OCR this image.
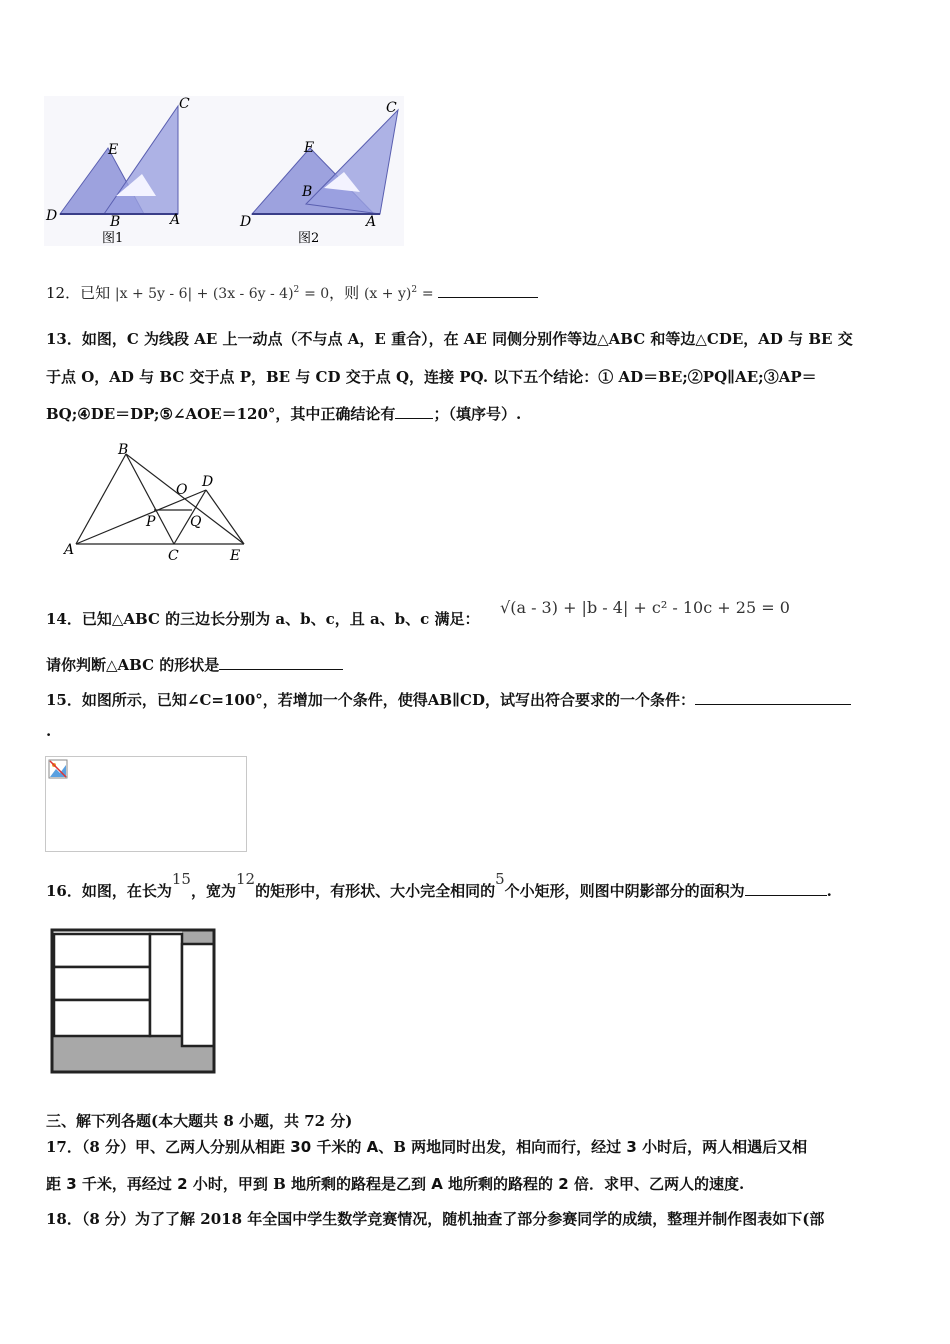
C
E
B
D	A
图1
C
E
B
D	A
图2
12．已知 |x + 5y - 6| + (3x - 6y - 4)$^2$ = 0，则 $(x + y)^2$ =
13．如图，C 为线段 AE 上一动点（不与点 A，E 重合），在 AE 同侧分别作等边△ABC 和等边△CDE，AD 与 BE 交
于点 O，AD 与 BC 交于点 P，BE 与 CD 交于点 Q，连接 PQ. 以下五个结论：① AD＝BE;②PQ∥AE;③AP＝
BQ;④DE＝DP;⑤∠AOE＝120°，其中正确结论有	；（填序号）.
B
O D
P Q
A	C	E
14．已知△ABC 的三边长分别为 a、b、c，且 a、b、c 满足：
√(a - 3) + |b - 4| + c² - 10c + 25 = 0
请你判断△ABC 的形状是
15．如图所示，已知∠C=100°，若增加一个条件，使得AB∥CD，试写出符合要求的一个条件：
.
16．如图，在长为15，宽为12的矩形中，有形状、大小完全相同的5个小矩形，则图中阴影部分的面积为	.
三、解下列各题(本大题共 8 小题，共 72 分)
17．（8 分）甲、乙两人分别从相距 30 千米的 A、B 两地同时出发，相向而行，经过 3 小时后，两人相遇后又相
距 3 千米，再经过 2 小时，甲到 B 地所剩的路程是乙到 A 地所剩的路程的 2 倍．求甲、乙两人的速度.
18．（8 分）为了了解 2018 年全国中学生数学竞赛情况，随机抽查了部分参赛同学的成绩，整理并制作图表如下(部
